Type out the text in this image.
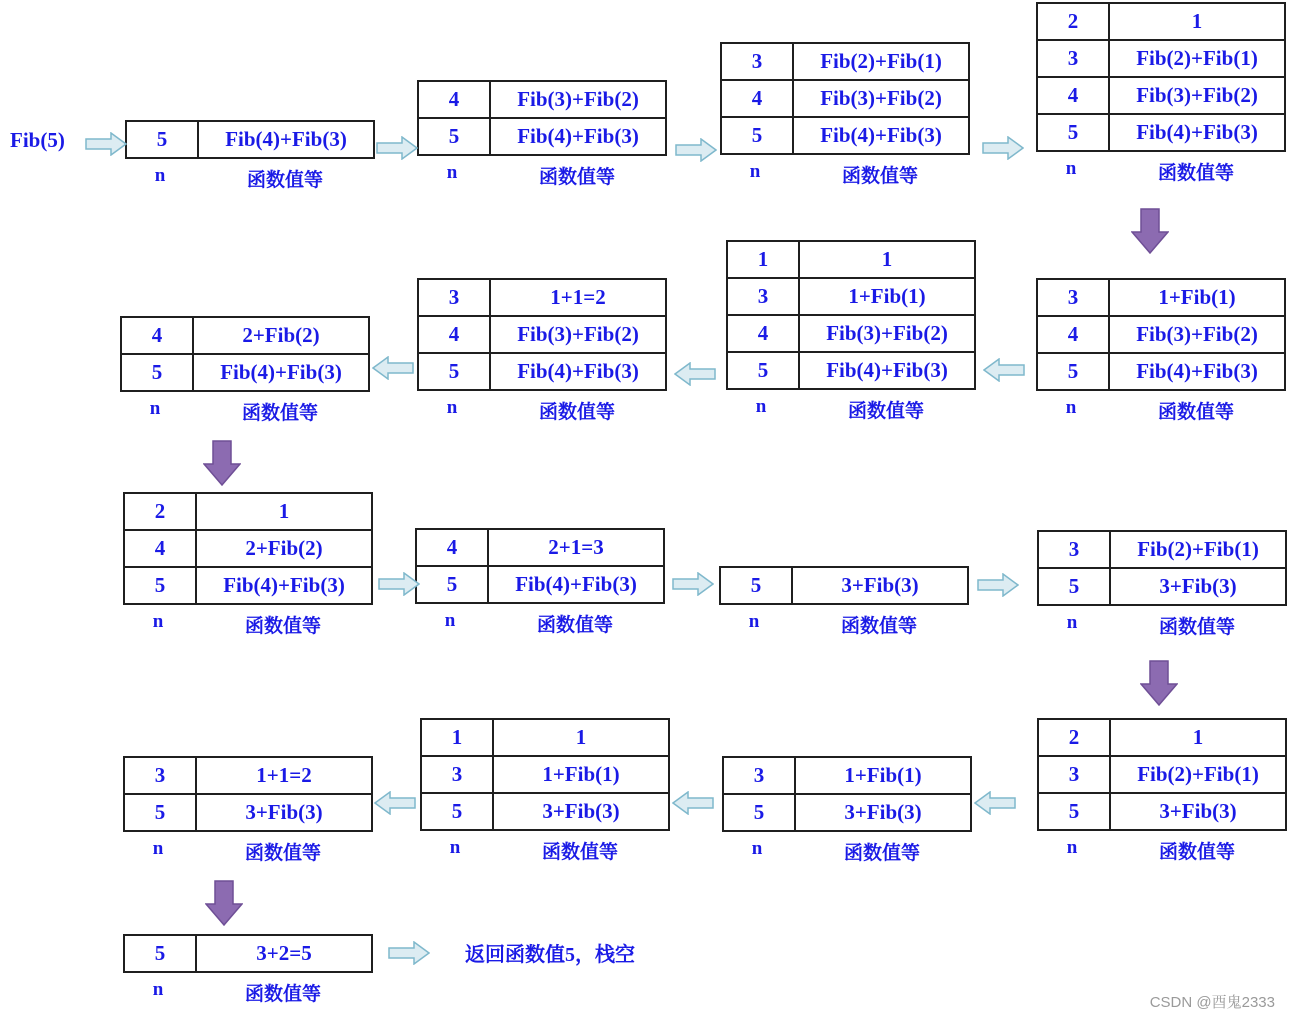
Fib(5)
返回函数值5，栈空
CSDN @酉鬼2333
5	Fib(4)+Fib(3)
n	函数值等
4	Fib(3)+Fib(2)
5	Fib(4)+Fib(3)
n	函数值等
3	Fib(2)+Fib(1)
4	Fib(3)+Fib(2)
5	Fib(4)+Fib(3)
n	函数值等
2	1
3	Fib(2)+Fib(1)
4	Fib(3)+Fib(2)
5	Fib(4)+Fib(3)
n	函数值等
4	2+Fib(2)
5	Fib(4)+Fib(3)
n	函数值等
3	1+1=2
4	Fib(3)+Fib(2)
5	Fib(4)+Fib(3)
n	函数值等
1	1
3	1+Fib(1)
4	Fib(3)+Fib(2)
5	Fib(4)+Fib(3)
n	函数值等
3	1+Fib(1)
4	Fib(3)+Fib(2)
5	Fib(4)+Fib(3)
n	函数值等
2	1
4	2+Fib(2)
5	Fib(4)+Fib(3)
n	函数值等
4	2+1=3
5	Fib(4)+Fib(3)
n	函数值等
5	3+Fib(3)
n	函数值等
3	Fib(2)+Fib(1)
5	3+Fib(3)
n	函数值等
3	1+1=2
5	3+Fib(3)
n	函数值等
1	1
3	1+Fib(1)
5	3+Fib(3)
n	函数值等
3	1+Fib(1)
5	3+Fib(3)
n	函数值等
2	1
3	Fib(2)+Fib(1)
5	3+Fib(3)
n	函数值等
5	3+2=5
n	函数值等
